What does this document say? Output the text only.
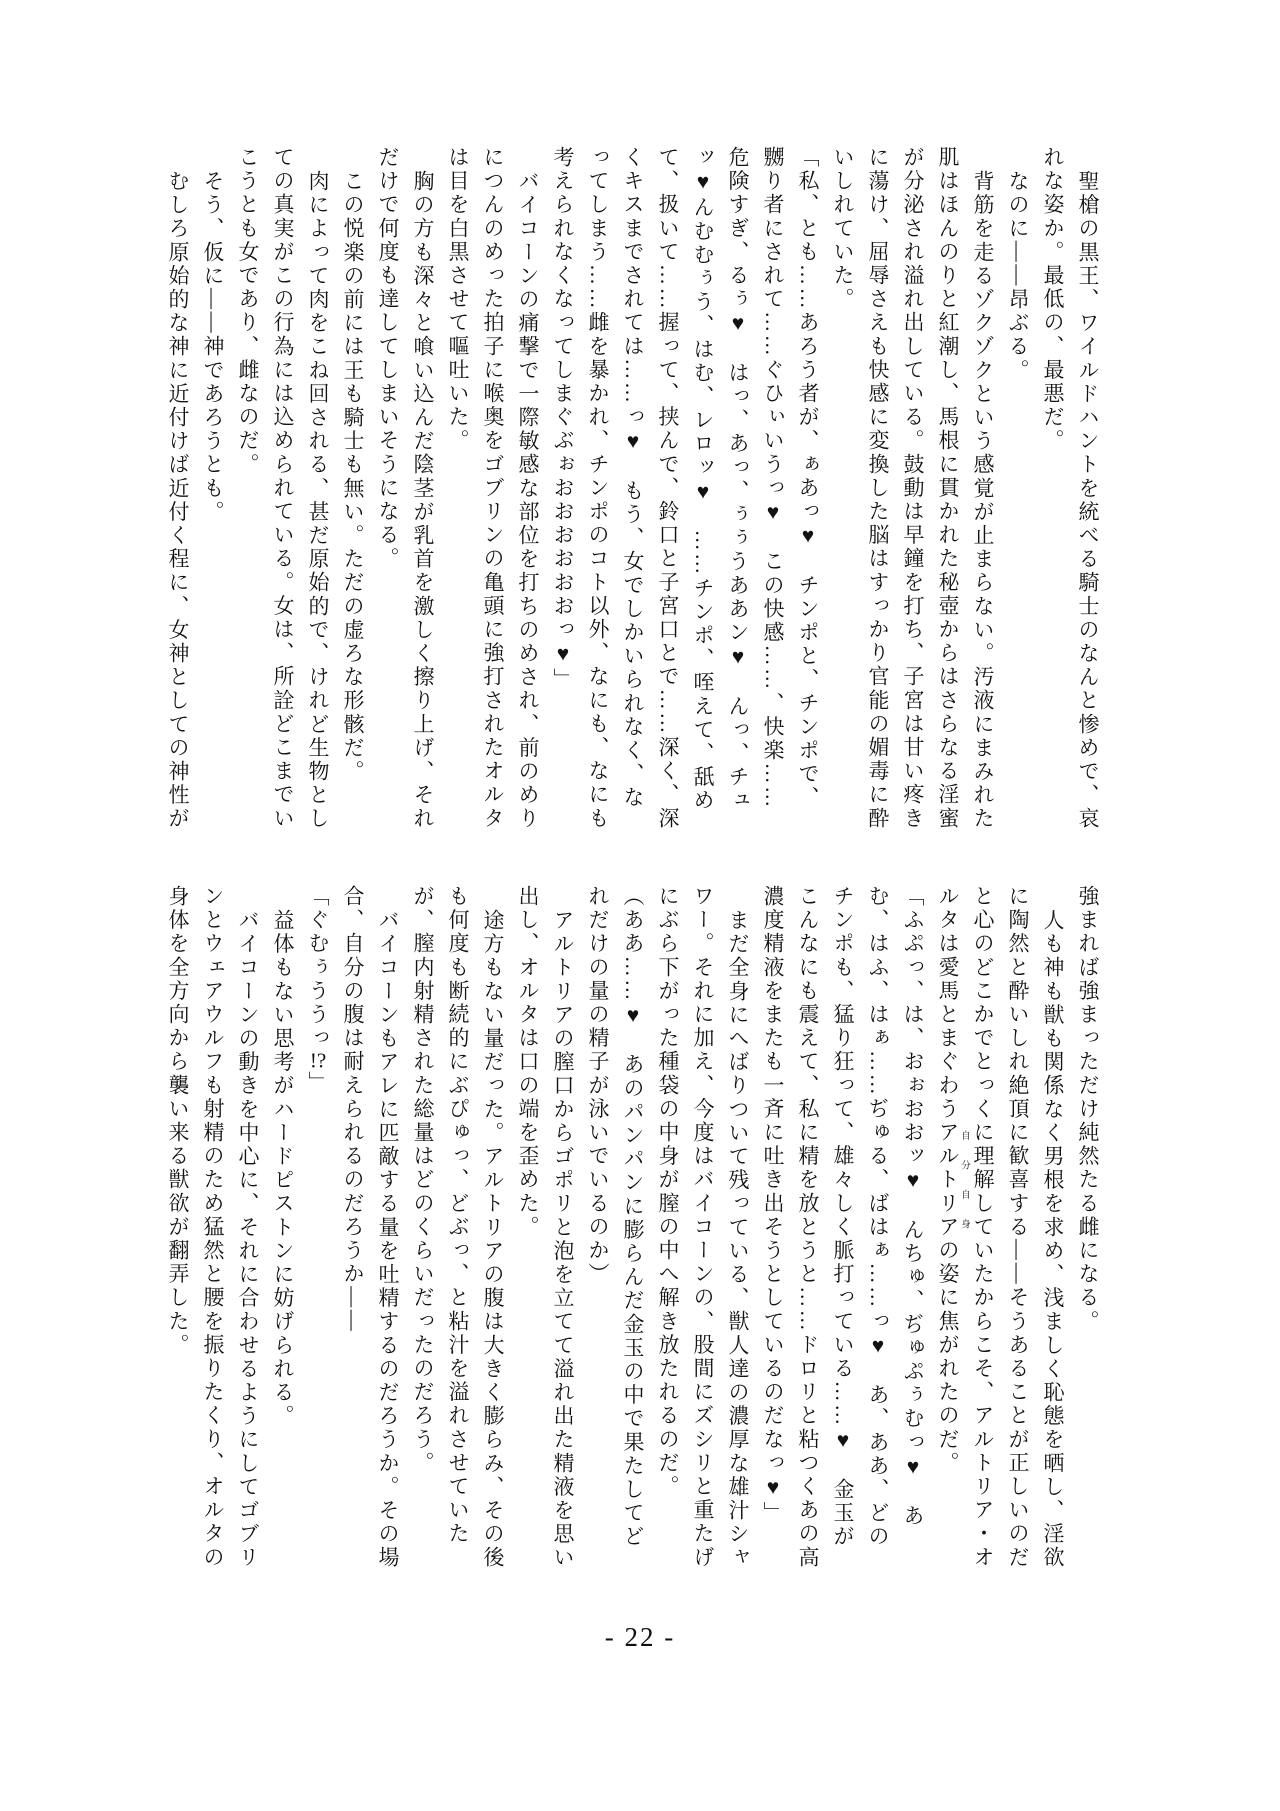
聖槍の黒王、ワイルドハントを統べる騎士のなんと惨めで、哀れな姿か。最低の、最悪だ。

なのに——昂ぶる。

背筋を走るゾクゾクという感覚が止まらない。汚液にまみれた肌はほんのりと紅潮し、馬根に貫かれた秘壺からはさらなる淫蜜が分泌され溢れ出している。鼓動は早鐘を打ち、子宮は甘い疼きに蕩け、屈辱さえも快感に変換した脳はすっかり官能の媚毒に酔いしれていた。

「私、とも……あろう者が、ぁあっ♥　チンポと、チンポで、嬲り者にされて……ぐひぃいうっ♥　この快感……、快楽……危険すぎ、るぅ♥　はっ、あっ、ぅぅうああン♥　んっ、チュッ♥んむむぅう、はむ、レロッ♥　……チンポ、咥えて、舐めて、扱いて……握って、挟んで、鈴口と子宮口とで……深く、深くキスまでされては……っ♥　もう、女でしかいられなく、なってしまう……雌を暴かれ、チンポのコト以外、なにも、なにも考えられなくなってしまぐぶぉおおおおおおっ♥」

バイコーンの痛撃で一際敏感な部位を打ちのめされ、前のめりにつんのめった拍子に喉奥をゴブリンの亀頭に強打されたオルタは目を白黒させて嘔吐いた。

胸の方も深々と喰い込んだ陰茎が乳首を激しく擦り上げ、それだけで何度も達してしまいそうになる。

この悦楽の前には王も騎士も無い。ただの虚ろな形骸だ。

肉によって肉をこね回される、甚だ原始的で、けれど生物としての真実がこの行為には込められている。女は、所詮どこまでいこうとも女であり、雌なのだ。

そう、仮に——神であろうとも。

むしろ原始的な神に近付けば近付く程に、女神としての神性が

強まれば強まっただけ純然たる雌になる。

人も神も獣も関係なく男根を求め、浅ましく恥態を晒し、淫欲に陶然と酔いしれ絶頂に歓喜する——そうあることが正しいのだと心のどこかでとっくに理解していたからこそ、アルトリア・オルタは愛馬とまぐわうアルトリア 自分自身の姿に焦がれたのだ。

「ふぷっ、は、おぉおおッ♥　んちゅ、ぢゅぷぅむっ♥　あむ、はふ、はぁ……ぢゅる、ばはぁ……っ♥　あ、ああ、どのチンポも、猛り狂って、雄々しく脈打っている……♥　金玉がこんなにも震えて、私に精を放とうと……ドロリと粘つくあの高濃度精液をまたも一斉に吐き出そうとしているのだなっ♥」

まだ全身にへばりついて残っている、獣人達の濃厚な雄汁シャワー。それに加え、今度はバイコーンの、股間にズシリと重たげにぶら下がった種袋の中身が膣の中へ解き放たれるのだ。

（ああ……♥　あのパンパンに膨らんだ金玉の中で果たしてどれだけの量の精子が泳いでいるのか）

アルトリアの膣口からゴポリと泡を立てて溢れ出た精液を思い出し、オルタは口の端を歪めた。

途方もない量だった。アルトリアの腹は大きく膨らみ、その後も何度も断続的にぶぴゅっ、どぶっ、と粘汁を溢れさせていたが、膣内射精された総量はどのくらいだったのだろう。

バイコーンもアレに匹敵する量を吐精するのだろうか。その場合、自分の腹は耐えられるのだろうか——

「ぐむぅううっ!?」

益体もない思考がハードピストンに妨げられる。

バイコーンの動きを中心に、それに合わせるようにしてゴブリンとウェアウルフも射精のため猛然と腰を振りたくり、オルタの身体を全方向から襲い来る獣欲が翻弄した。

- 22 -
